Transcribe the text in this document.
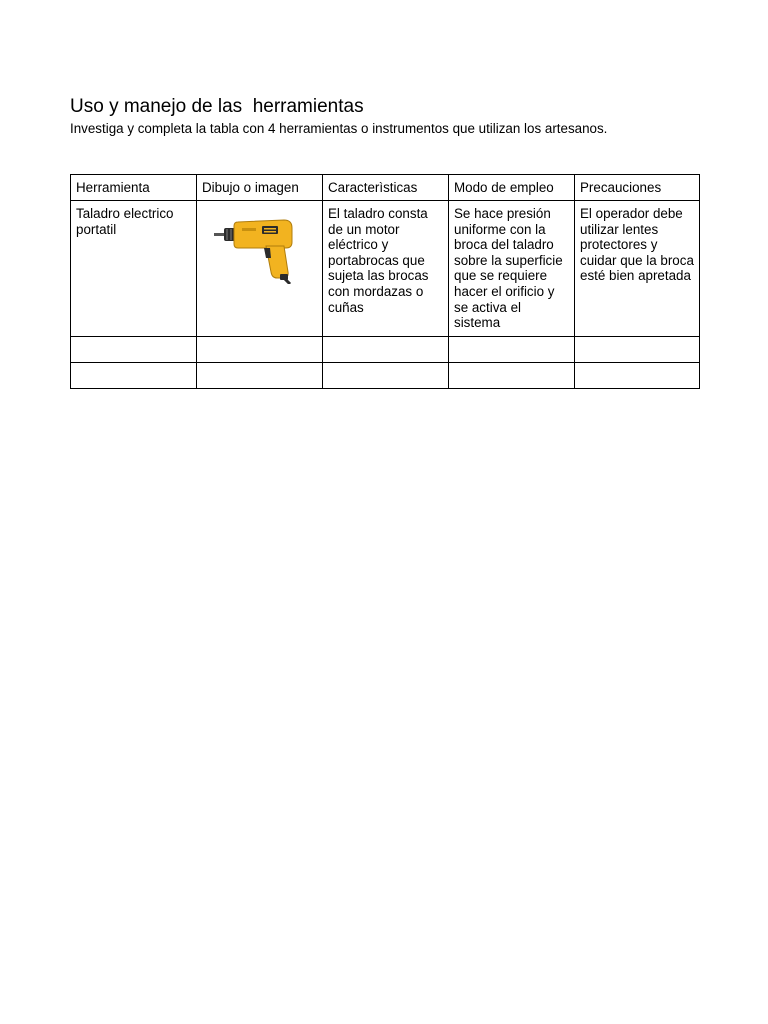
Uso y manejo de las  herramientas
Investiga y completa la tabla con 4 herramientas o instrumentos que utilizan los artesanos.
Herramienta	Dibujo o imagen	Caracterìsticas	Modo de empleo	Precauciones
Taladro electrico portatil		El taladro consta de un motor eléctrico y portabrocas que sujeta las brocas con mordazas o cuñas	Se hace presión uniforme con la broca del taladro sobre la superficie que se requiere hacer el orificio y se activa el sistema	El operador debe utilizar lentes protectores y cuidar que la broca esté bien apretada
